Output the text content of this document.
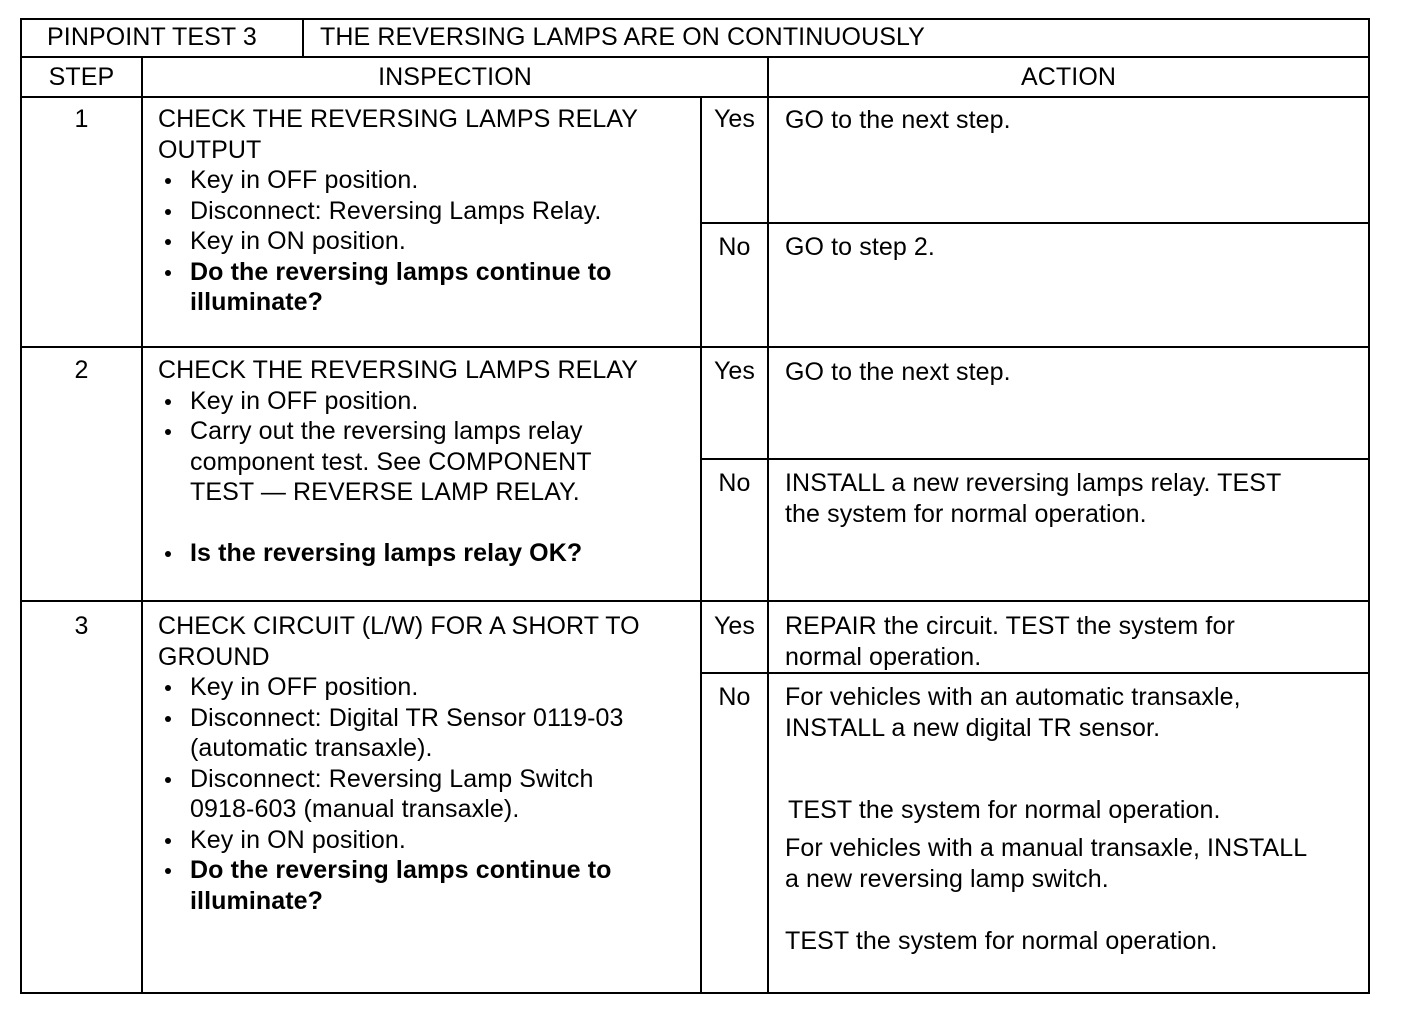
PINPOINT TEST 3	THE REVERSING LAMPS ARE ON CONTINUOUSLY
STEP	INSPECTION	ACTION
1	CHECK THE REVERSING LAMPS RELAY
OUTPUT
Key in OFF position.
Disconnect: Reversing Lamps Relay.
Key in ON position.
Do the reversing lamps continue to
illuminate?
Yes	GO to the next step.
No	GO to step 2.
2	CHECK THE REVERSING LAMPS RELAY
Key in OFF position.
Carry out the reversing lamps relay
component test. See COMPONENT
TEST — REVERSE LAMP RELAY.
Is the reversing lamps relay OK?
Yes	GO to the next step.
No	INSTALL a new reversing lamps relay. TEST
the system for normal operation.
3	CHECK CIRCUIT (L/W) FOR A SHORT TO
GROUND
Key in OFF position.
Disconnect: Digital TR Sensor 0119-03
(automatic transaxle).
Disconnect: Reversing Lamp Switch
0918-603 (manual transaxle).
Key in ON position.
Do the reversing lamps continue to
illuminate?
Yes	REPAIR the circuit. TEST the system for
normal operation.
No	For vehicles with an automatic transaxle,
INSTALL a new digital TR sensor.
TEST the system for normal operation.
For vehicles with a manual transaxle, INSTALL
a new reversing lamp switch.
TEST the system for normal operation.
